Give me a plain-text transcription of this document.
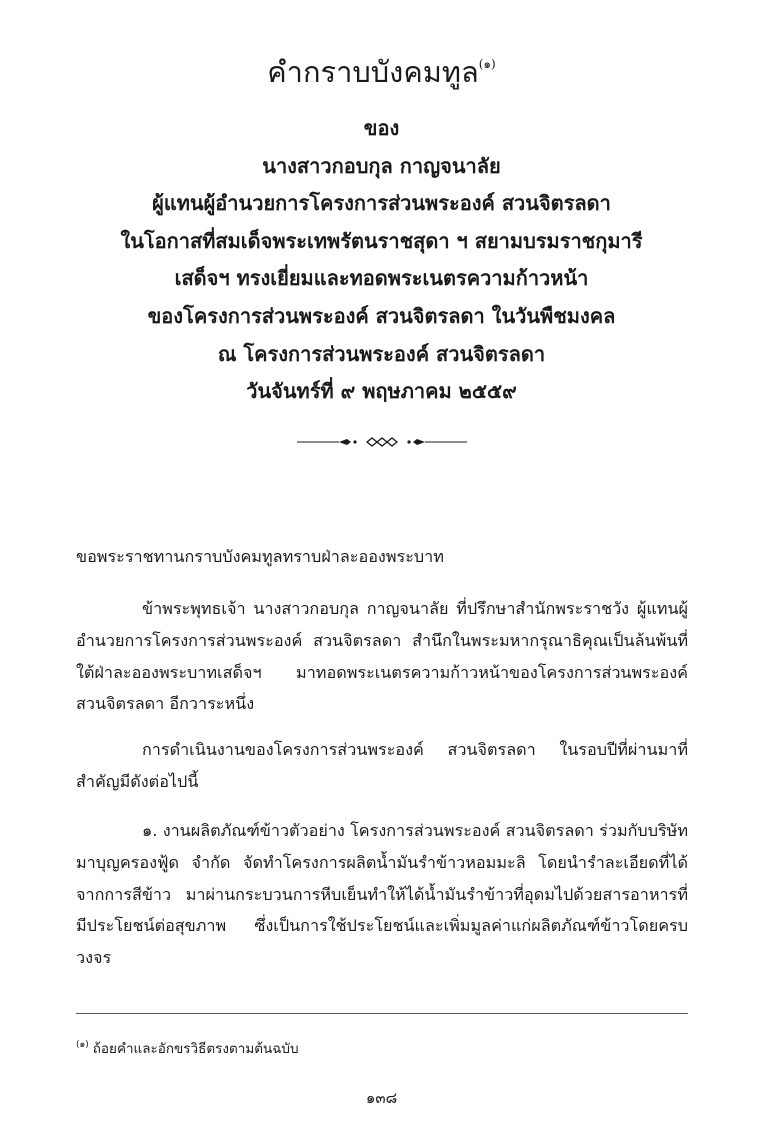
คำกราบบังคมทูล$^{(๑)}$
ของ
นางสาวกอบกุล กาญจนาลัย
ผู้แทนผู้อำนวยการโครงการส่วนพระองค์ สวนจิตรลดา
ในโอกาสที่สมเด็จพระเทพรัตนราชสุดา ฯ สยามบรมราชกุมารี
เสด็จฯ ทรงเยี่ยมและทอดพระเนตรความก้าวหน้า
ของโครงการส่วนพระองค์ สวนจิตรลดา ในวันพืชมงคล
ณ โครงการส่วนพระองค์ สวนจิตรลดา
วันจันทร์ที่ ๙ พฤษภาคม ๒๕๕๙
ขอพระราชทานกราบบังคมทูลทราบฝ่าละอองพระบาท
ข้าพระพุทธเจ้า นางสาวกอบกุล กาญจนาลัย ที่ปรึกษาสำนักพระราชวัง ผู้แทนผู้อำนวยการโครงการส่วนพระองค์ สวนจิตรลดา สำนึกในพระมหากรุณาธิคุณเป็นล้นพ้นที่ใต้ฝ่าละอองพระบาทเสด็จฯ มาทอดพระเนตรความก้าวหน้าของโครงการส่วนพระองค์ สวนจิตรลดา อีกวาระหนึ่ง
การดำเนินงานของโครงการส่วนพระองค์ สวนจิตรลดา ในรอบปีที่ผ่านมาที่สำคัญมีดังต่อไปนี้
๑. งานผลิตภัณฑ์ข้าวตัวอย่าง โครงการส่วนพระองค์ สวนจิตรลดา ร่วมกับบริษัท มาบุญครองฟู้ด จำกัด จัดทำโครงการผลิตน้ำมันรำข้าวหอมมะลิ โดยนำรำละเอียดที่ได้จากการสีข้าว มาผ่านกระบวนการหีบเย็นทำให้ได้น้ำมันรำข้าวที่อุดมไปด้วยสารอาหารที่มีประโยชน์ต่อสุขภาพ ซึ่งเป็นการใช้ประโยชน์และเพิ่มมูลค่าแก่ผลิตภัณฑ์ข้าวโดยครบวงจร
$^{(๑)}$ ถ้อยคำและอักขรวิธีตรงตามต้นฉบับ
๑๓๘
